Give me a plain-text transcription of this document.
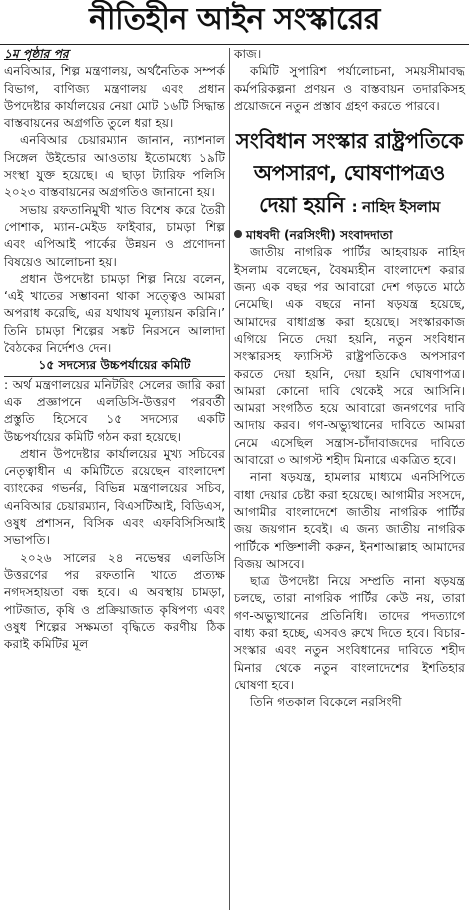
নীতিহীন আইন সংস্কারের

১ম পৃষ্ঠার পর

এনবিআর, শিল্প মন্ত্রণালয়, অর্থনৈতিক সম্পর্ক বিভাগ, বাণিজ্য মন্ত্রণালয় এবং প্রধান উপদেষ্টার কার্যালয়ের নেয়া মোট ১৬টি সিদ্ধান্ত বাস্তবায়নের অগ্রগতি তুলে ধরা হয়।

এনবিআর চেয়ারম্যান জানান, ন্যাশনাল সিঙ্গেল উইন্ডোর আওতায় ইতোমধ্যে ১৯টি সংস্থা যুক্ত হয়েছে। এ ছাড়া ট্যারিফ পলিসি ২০২৩ বাস্তবায়নের অগ্রগতিও জানানো হয়।

সভায় রফতানিমুখী খাত বিশেষ করে তৈরী পোশাক, ম্যান-মেইড ফাইবার, চামড়া শিল্প এবং এপিআই পার্কের উন্নয়ন ও প্রণোদনা বিষয়েও আলোচনা হয়।

প্রধান উপদেষ্টা চামড়া শিল্প নিয়ে বলেন, ‘এই খাতের সম্ভাবনা থাকা সত্ত্বেও আমরা অপরাধ করেছি, এর যথাযথ মূল্যায়ন করিনি।’ তিনি চামড়া শিল্পের সঙ্কট নিরসনে আলাদা বৈঠকের নির্দেশও দেন।

১৫ সদস্যের উচ্চপর্যায়ের কমিটি

: অর্থ মন্ত্রণালয়ের মনিটরিং সেলের জারি করা এক প্রজ্ঞাপনে এলডিসি-উত্তরণ পরবর্তী প্রস্তুতি হিসেবে ১৫ সদস্যের একটি উচ্চপর্যায়ের কমিটি গঠন করা হয়েছে।

প্রধান উপদেষ্টার কার্যালয়ের মুখ্য সচিবের নেতৃত্বাধীন এ কমিটিতে রয়েছেন বাংলাদেশ ব্যাংকের গভর্নর, বিভিন্ন মন্ত্রণালয়ের সচিব, এনবিআর চেয়ারম্যান, বিএসটিআই, বিডিএস, ওষুধ প্রশাসন, বিসিক এবং এফবিসিসিআই সভাপতি।

২০২৬ সালের ২৪ নভেম্বর এলডিসি উত্তরণের পর রফতানি খাতে প্রত্যক্ষ নগদসহায়তা বন্ধ হবে। এ অবস্থায় চামড়া, পাটজাত, কৃষি ও প্রক্রিয়াজাত কৃষিপণ্য এবং ওষুধ শিল্পের সক্ষমতা বৃদ্ধিতে করণীয় ঠিক করাই কমিটির মূল

কাজ।

কমিটি সুপারিশ পর্যালোচনা, সময়সীমাবদ্ধ কর্মপরিকল্পনা প্রণয়ন ও বাস্তবায়ন তদারকিসহ প্রয়োজনে নতুন প্রস্তাব গ্রহণ করতে পারবে।

সংবিধান সংস্কার রাষ্ট্রপতিকে অপসারণ, ঘোষণাপত্রও দেয়া হয়নি : নাহিদ ইসলাম

মাধবদী (নরসিংদী) সংবাদদাতা

জাতীয় নাগরিক পার্টির আহবায়ক নাহিদ ইসলাম বলেছেন, বৈষম্যহীন বাংলাদেশ করার জন্য এক বছর পর আবারো দেশ গড়তে মাঠে নেমেছি। এক বছরে নানা ষড়যন্ত্র হয়েছে, আমাদের বাধাগ্রস্ত করা হয়েছে। সংস্কারকাজ এগিয়ে নিতে দেয়া হয়নি, নতুন সংবিধান সংস্কারসহ ফ্যাসিস্ট রাষ্ট্রপতিকেও অপসারণ করতে দেয়া হয়নি, দেয়া হয়নি ঘোষণাপত্র। আমরা কোনো দাবি থেকেই সরে আসিনি। আমরা সংগঠিত হয়ে আবারো জনগণের দাবি আদায় করব। গণ-অভ্যুত্থানের দাবিতে আমরা নেমে এসেছিল সন্ত্রাস-চাঁদাবাজদের দাবিতে আবারো ৩ আগস্ট শহীদ মিনারে একত্রিত হবে।

নানা ষড়যন্ত্র, হামলার মাধ্যমে এনসিপিতে বাধা দেয়ার চেষ্টা করা হয়েছে। আগামীর সংসদে, আগামীর বাংলাদেশে জাতীয় নাগরিক পার্টির জয় জয়গান হবেই। এ জন্য জাতীয় নাগরিক পার্টিকে শক্তিশালী করুন, ইনশাআল্লাহ আমাদের বিজয় আসবে।

ছাত্র উপদেষ্টা নিয়ে সম্প্রতি নানা ষড়যন্ত্র চলছে, তারা নাগরিক পার্টির কেউ নয়, তারা গণ-অভ্যুত্থানের প্রতিনিধি। তাদের পদত্যাগে বাধ্য করা হচ্ছে, এসবও রুখে দিতে হবে। বিচার-সংস্কার এবং নতুন সংবিধানের দাবিতে শহীদ মিনার থেকে নতুন বাংলাদেশের ইশতিহার ঘোষণা হবে।

তিনি গতকাল বিকেলে নরসিংদী
